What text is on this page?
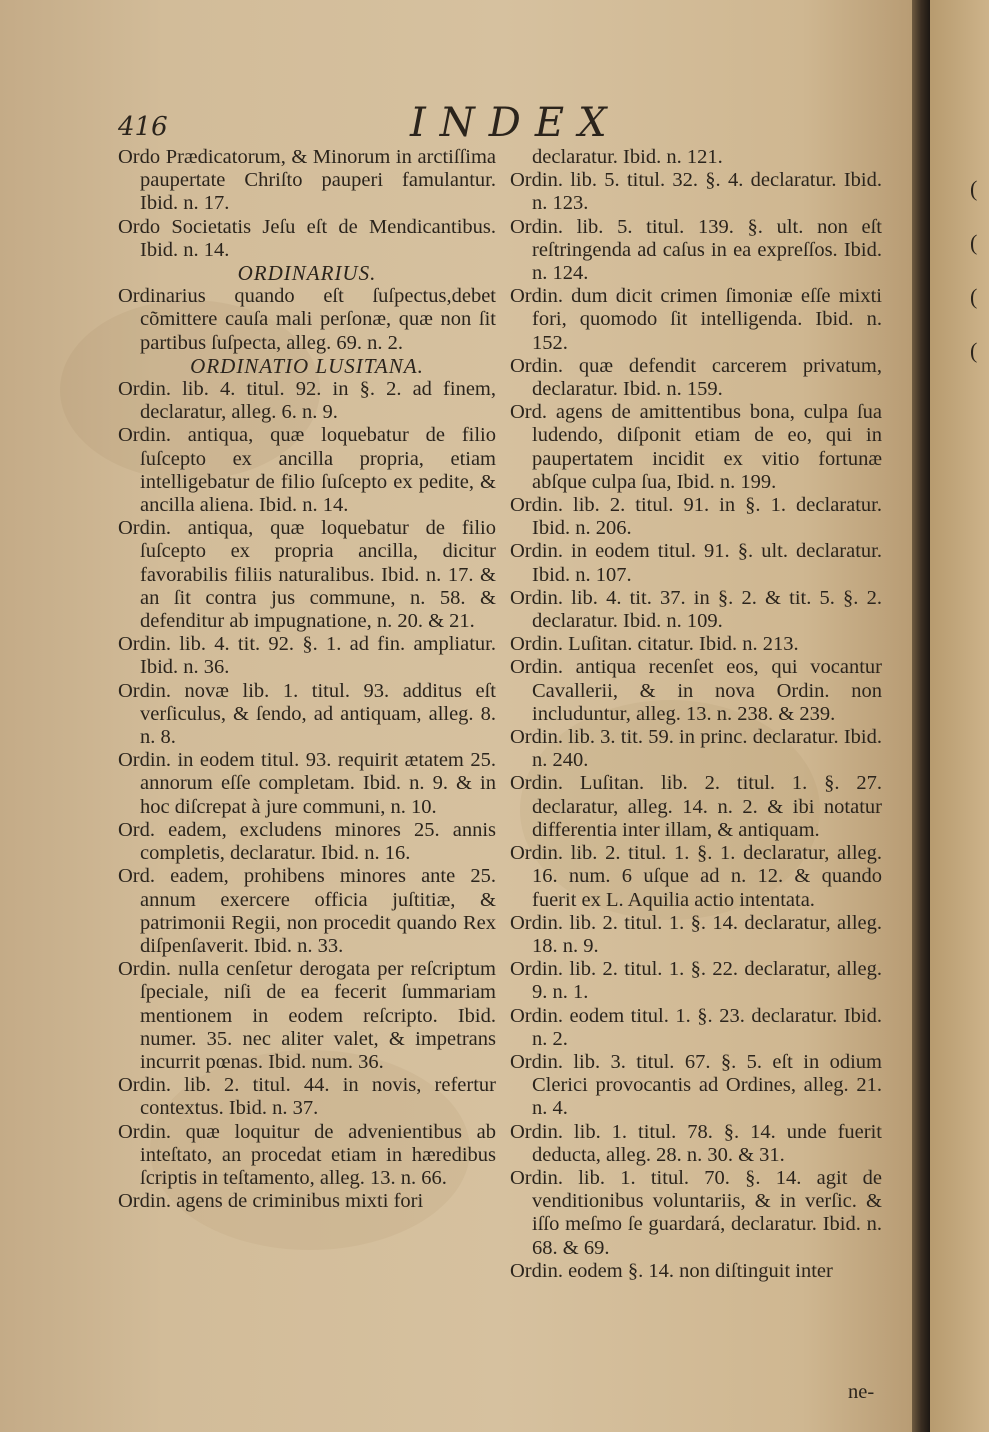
416	INDEX
Ordo Prædicatorum, & Minorum in arctiſſima paupertate Chriſto pauperi famulantur. Ibid. n. 17.
Ordo Societatis Jeſu eſt de Mendicantibus. Ibid. n. 14.
ORDINARIUS.
Ordinarius quando eſt ſuſpectus,debet cõmittere cauſa mali perſonæ, quæ non ſit partibus ſuſpecta, alleg. 69. n. 2.
ORDINATIO LUSITANA.
Ordin. lib. 4. titul. 92. in §. 2. ad finem, declaratur, alleg. 6. n. 9.
Ordin. antiqua, quæ loquebatur de filio ſuſcepto ex ancilla propria, etiam intelligebatur de filio ſuſcepto ex pedite, & ancilla aliena. Ibid. n. 14.
Ordin. antiqua, quæ loquebatur de filio ſuſcepto ex propria ancilla, dicitur favorabilis filiis naturalibus. Ibid. n. 17. & an ſit contra jus commune, n. 58. & defenditur ab impugnatione, n. 20. & 21.
Ordin. lib. 4. tit. 92. §. 1. ad fin. ampliatur. Ibid. n. 36.
Ordin. novæ lib. 1. titul. 93. additus eſt verſiculus, & ſendo, ad antiquam, alleg. 8. n. 8.
Ordin. in eodem titul. 93. requirit ætatem 25. annorum eſſe completam. Ibid. n. 9. & in hoc diſcrepat à jure communi, n. 10.
Ord. eadem, excludens minores 25. annis completis, declaratur. Ibid. n. 16.
Ord. eadem, prohibens minores ante 25. annum exercere officia juſtitiæ, & patrimonii Regii, non procedit quando Rex diſpenſaverit. Ibid. n. 33.
Ordin. nulla cenſetur derogata per reſcriptum ſpeciale, niſi de ea fecerit ſummariam mentionem in eodem reſcripto. Ibid. numer. 35. nec aliter valet, & impetrans incurrit pœnas. Ibid. num. 36.
Ordin. lib. 2. titul. 44. in novis, refertur contextus. Ibid. n. 37.
Ordin. quæ loquitur de advenientibus ab inteſtato, an procedat etiam in hæredibus ſcriptis in teſtamento, alleg. 13. n. 66.
Ordin. agens de criminibus mixti fori
declaratur. Ibid. n. 121.
Ordin. lib. 5. titul. 32. §. 4. declaratur. Ibid. n. 123.
Ordin. lib. 5. titul. 139. §. ult. non eſt reſtringenda ad caſus in ea expreſſos. Ibid. n. 124.
Ordin. dum dicit crimen ſimoniæ eſſe mixti fori, quomodo ſit intelligenda. Ibid. n. 152.
Ordin. quæ defendit carcerem privatum, declaratur. Ibid. n. 159.
Ord. agens de amittentibus bona, culpa ſua ludendo, diſponit etiam de eo, qui in paupertatem incidit ex vitio fortunæ abſque culpa ſua, Ibid. n. 199.
Ordin. lib. 2. titul. 91. in §. 1. declaratur. Ibid. n. 206.
Ordin. in eodem titul. 91. §. ult. declaratur. Ibid. n. 107.
Ordin. lib. 4. tit. 37. in §. 2. & tit. 5. §. 2. declaratur. Ibid. n. 109.
Ordin. Luſitan. citatur. Ibid. n. 213.
Ordin. antiqua recenſet eos, qui vocantur Cavallerii, & in nova Ordin. non includuntur, alleg. 13. n. 238. & 239.
Ordin. lib. 3. tit. 59. in princ. declaratur. Ibid. n. 240.
Ordin. Luſitan. lib. 2. titul. 1. §. 27. declaratur, alleg. 14. n. 2. & ibi notatur differentia inter illam, & antiquam.
Ordin. lib. 2. titul. 1. §. 1. declaratur, alleg. 16. num. 6 uſque ad n. 12. & quando fuerit ex L. Aquilia actio intentata.
Ordin. lib. 2. titul. 1. §. 14. declaratur, alleg. 18. n. 9.
Ordin. lib. 2. titul. 1. §. 22. declaratur, alleg. 9. n. 1.
Ordin. eodem titul. 1. §. 23. declaratur. Ibid. n. 2.
Ordin. lib. 3. titul. 67. §. 5. eſt in odium Clerici provocantis ad Ordines, alleg. 21. n. 4.
Ordin. lib. 1. titul. 78. §. 14. unde fuerit deducta, alleg. 28. n. 30. & 31.
Ordin. lib. 1. titul. 70. §. 14. agit de venditionibus voluntariis, & in verſic. & iſſo meſmo ſe guardará, declaratur. Ibid. n. 68. & 69.
Ordin. eodem §. 14. non diſtinguit inter
ne-
(
(
(
(
